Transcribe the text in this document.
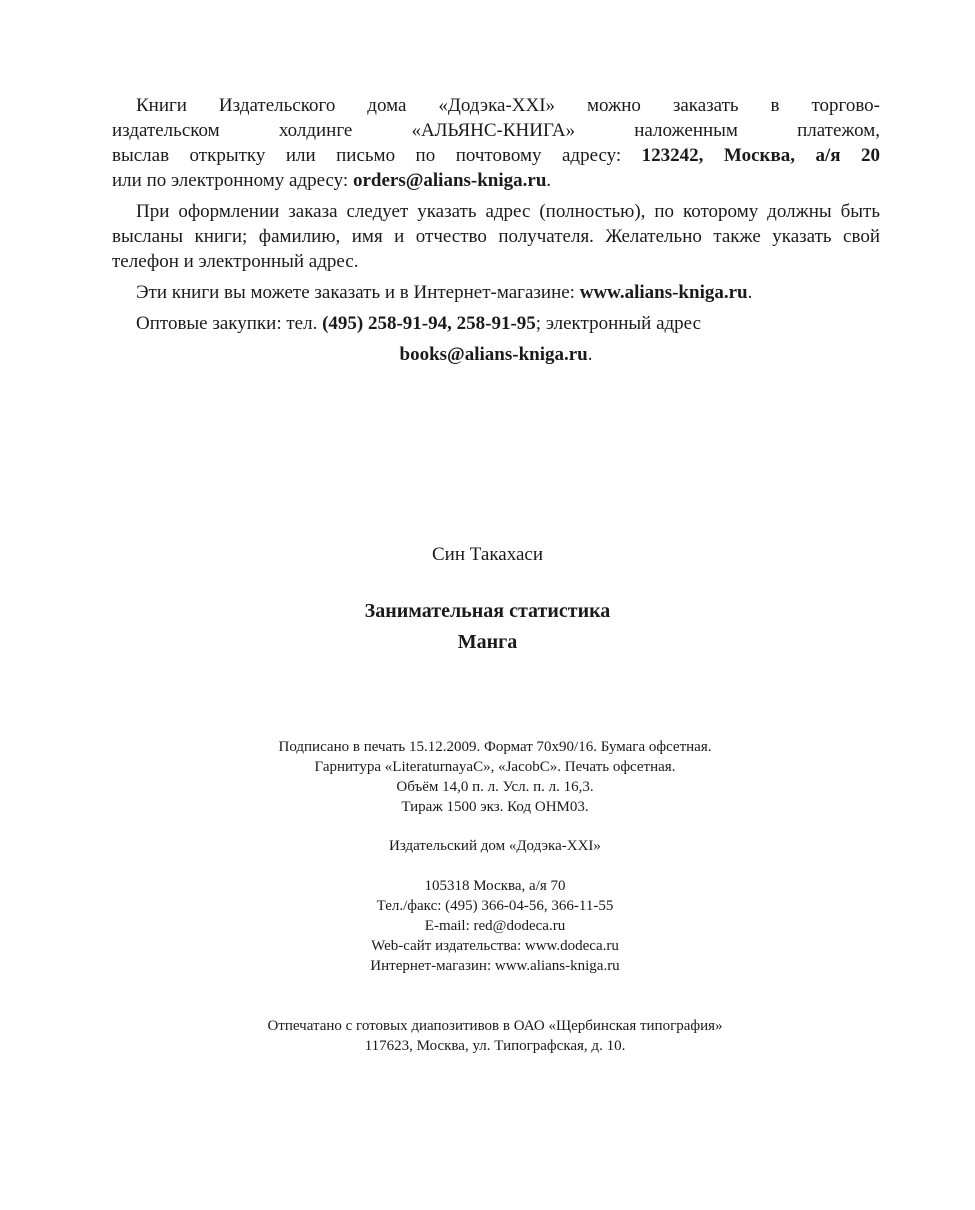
Книги Издательского дома «Додэка-XXI» можно заказать в торгово-
издательском холдинге «АЛЬЯНС-КНИГА» наложенным платежом,
выслав открытку или письмо по почтовому адресу: 123242, Москва, а/я 20
или по электронному адресу: orders@alians-kniga.ru.

При оформлении заказа следует указать адрес (полностью), по которому должны быть высланы книги; фамилию, имя и отчество получателя. Желательно также указать свой телефон и электронный адрес.

Эти книги вы можете заказать и в Интернет-магазине: www.alians-kniga.ru.

Оптовые закупки: тел. (495) 258-91-94, 258-91-95; электронный адрес

books@alians-kniga.ru.

Син Такахаси
Занимательная статистика
Манга
Подписано в печать 15.12.2009. Формат 70x90/16. Бумага офсетная.
Гарнитура «LiteraturnayaC», «JacobC». Печать офсетная.
Объём 14,0 п. л. Усл. п. л. 16,3.
Тираж 1500 экз. Код ОНМ03.
Издательский дом «Додэка-XXI»
105318 Москва, а/я 70
Тел./факс: (495) 366-04-56, 366-11-55
E-mail: red@dodeca.ru
Web-сайт издательства: www.dodeca.ru
Интернет-магазин: www.alians-kniga.ru
Отпечатано с готовых диапозитивов в ОАО «Щербинская типография»
117623, Москва, ул. Типографская, д. 10.
